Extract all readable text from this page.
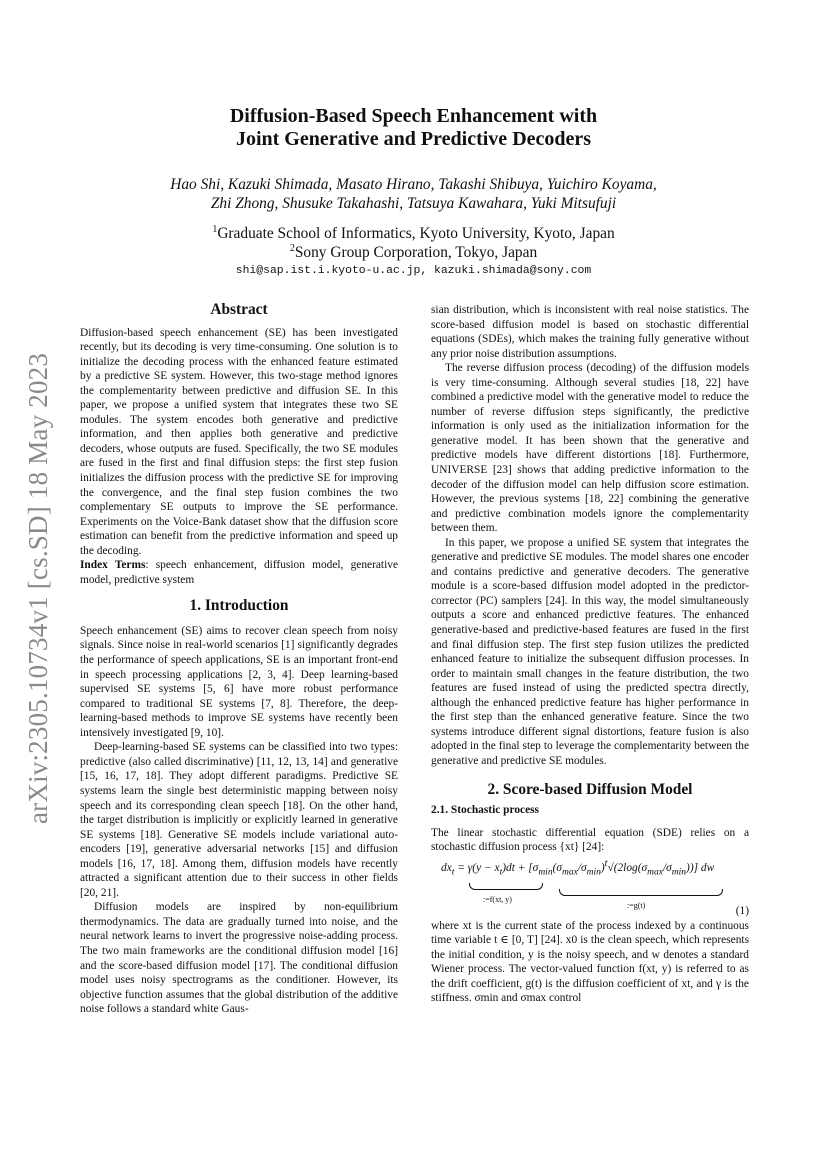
arXiv:2305.10734v1 [cs.SD] 18 May 2023
Diffusion-Based Speech Enhancement with
Joint Generative and Predictive Decoders
Hao Shi, Kazuki Shimada, Masato Hirano, Takashi Shibuya, Yuichiro Koyama,
Zhi Zhong, Shusuke Takahashi, Tatsuya Kawahara, Yuki Mitsufuji
$^1$Graduate School of Informatics, Kyoto University, Kyoto, Japan
$^2$Sony Group Corporation, Tokyo, Japan
shi@sap.ist.i.kyoto-u.ac.jp, kazuki.shimada@sony.com
Abstract

Diffusion-based speech enhancement (SE) has been investigated recently, but its decoding is very time-consuming. One solution is to initialize the decoding process with the enhanced feature estimated by a predictive SE system. However, this two-stage method ignores the complementarity between predictive and diffusion SE. In this paper, we propose a unified system that integrates these two SE modules. The system encodes both generative and predictive information, and then applies both generative and predictive decoders, whose outputs are fused. Specifically, the two SE modules are fused in the first and final diffusion steps: the first step fusion initializes the diffusion process with the predictive SE for improving the convergence, and the final step fusion combines the two complementary SE outputs to improve the SE performance. Experiments on the Voice-Bank dataset show that the diffusion score estimation can benefit from the predictive information and speed up the decoding.

Index Terms: speech enhancement, diffusion model, generative model, predictive system

1. Introduction

Speech enhancement (SE) aims to recover clean speech from noisy signals. Since noise in real-world scenarios [1] significantly degrades the performance of speech applications, SE is an important front-end in speech processing applications [2, 3, 4]. Deep learning-based supervised SE systems [5, 6] have more robust performance compared to traditional SE systems [7, 8]. Therefore, the deep-learning-based methods to improve SE systems have recently been intensively investigated [9, 10].

Deep-learning-based SE systems can be classified into two types: predictive (also called discriminative) [11, 12, 13, 14] and generative [15, 16, 17, 18]. They adopt different paradigms. Predictive SE systems learn the single best deterministic mapping between noisy speech and its corresponding clean speech [18]. On the other hand, the target distribution is implicitly or explicitly learned in generative SE systems [18]. Generative SE models include variational auto-encoders [19], generative adversarial networks [15] and diffusion models [16, 17, 18]. Among them, diffusion models have recently attracted a significant attention due to their success in other fields [20, 21].

Diffusion models are inspired by non-equilibrium thermodynamics. The data are gradually turned into noise, and the neural network learns to invert the progressive noise-adding process. The two main frameworks are the conditional diffusion model [16] and the score-based diffusion model [17]. The conditional diffusion model uses noisy spectrograms as the conditioner. However, its objective function assumes that the global distribution of the additive noise follows a standard white Gaus-

sian distribution, which is inconsistent with real noise statistics. The score-based diffusion model is based on stochastic differential equations (SDEs), which makes the training fully generative without any prior noise distribution assumptions.

The reverse diffusion process (decoding) of the diffusion models is very time-consuming. Although several studies [18, 22] have combined a predictive model with the generative model to reduce the number of reverse diffusion steps significantly, the predictive information is only used as the initialization information for the generative model. It has been shown that the generative and predictive models have different distortions [18]. Furthermore, UNIVERSE [23] shows that adding predictive information to the decoder of the diffusion model can help diffusion score estimation. However, the previous systems [18, 22] combining the generative and predictive combination models ignore the complementarity between them.

In this paper, we propose a unified SE system that integrates the generative and predictive SE modules. The model shares one encoder and contains predictive and generative decoders. The generative module is a score-based diffusion model adopted in the predictor-corrector (PC) samplers [24]. In this way, the model simultaneously outputs a score and enhanced predictive features. The enhanced generative-based and predictive-based features are fused in the first and final diffusion step. The first step fusion utilizes the predicted enhanced feature to initialize the subsequent diffusion processes. In order to maintain small changes in the feature distribution, the two features are fused instead of using the predicted spectra directly, although the enhanced predictive feature has higher performance in the first step than the enhanced generative feature. Since the two systems introduce different signal distortions, feature fusion is also adopted in the final step to leverage the complementarity between the generative and predictive SE modules.

2. Score-based Diffusion Model
2.1. Stochastic process

The linear stochastic differential equation (SDE) relies on a stochastic diffusion process {xt} [24]:

$dx_t = \gamma(y - x_t)dt + [\sigma_{min}(\sigma_{max}/\sigma_{min})^t√(2\log(\sigma_{max}/\sigma_{min}))]$ dw
:=f(xt, y)
:=g(t)	(1)

where xt is the current state of the process indexed by a continuous time variable t ∈ [0, T] [24]. x0 is the clean speech, which represents the initial condition, y is the noisy speech, and w denotes a standard Wiener process. The vector-valued function f(xt, y) is referred to as the drift coefficient, g(t) is the diffusion coefficient of xt, and γ is the stiffness. σmin and σmax control
